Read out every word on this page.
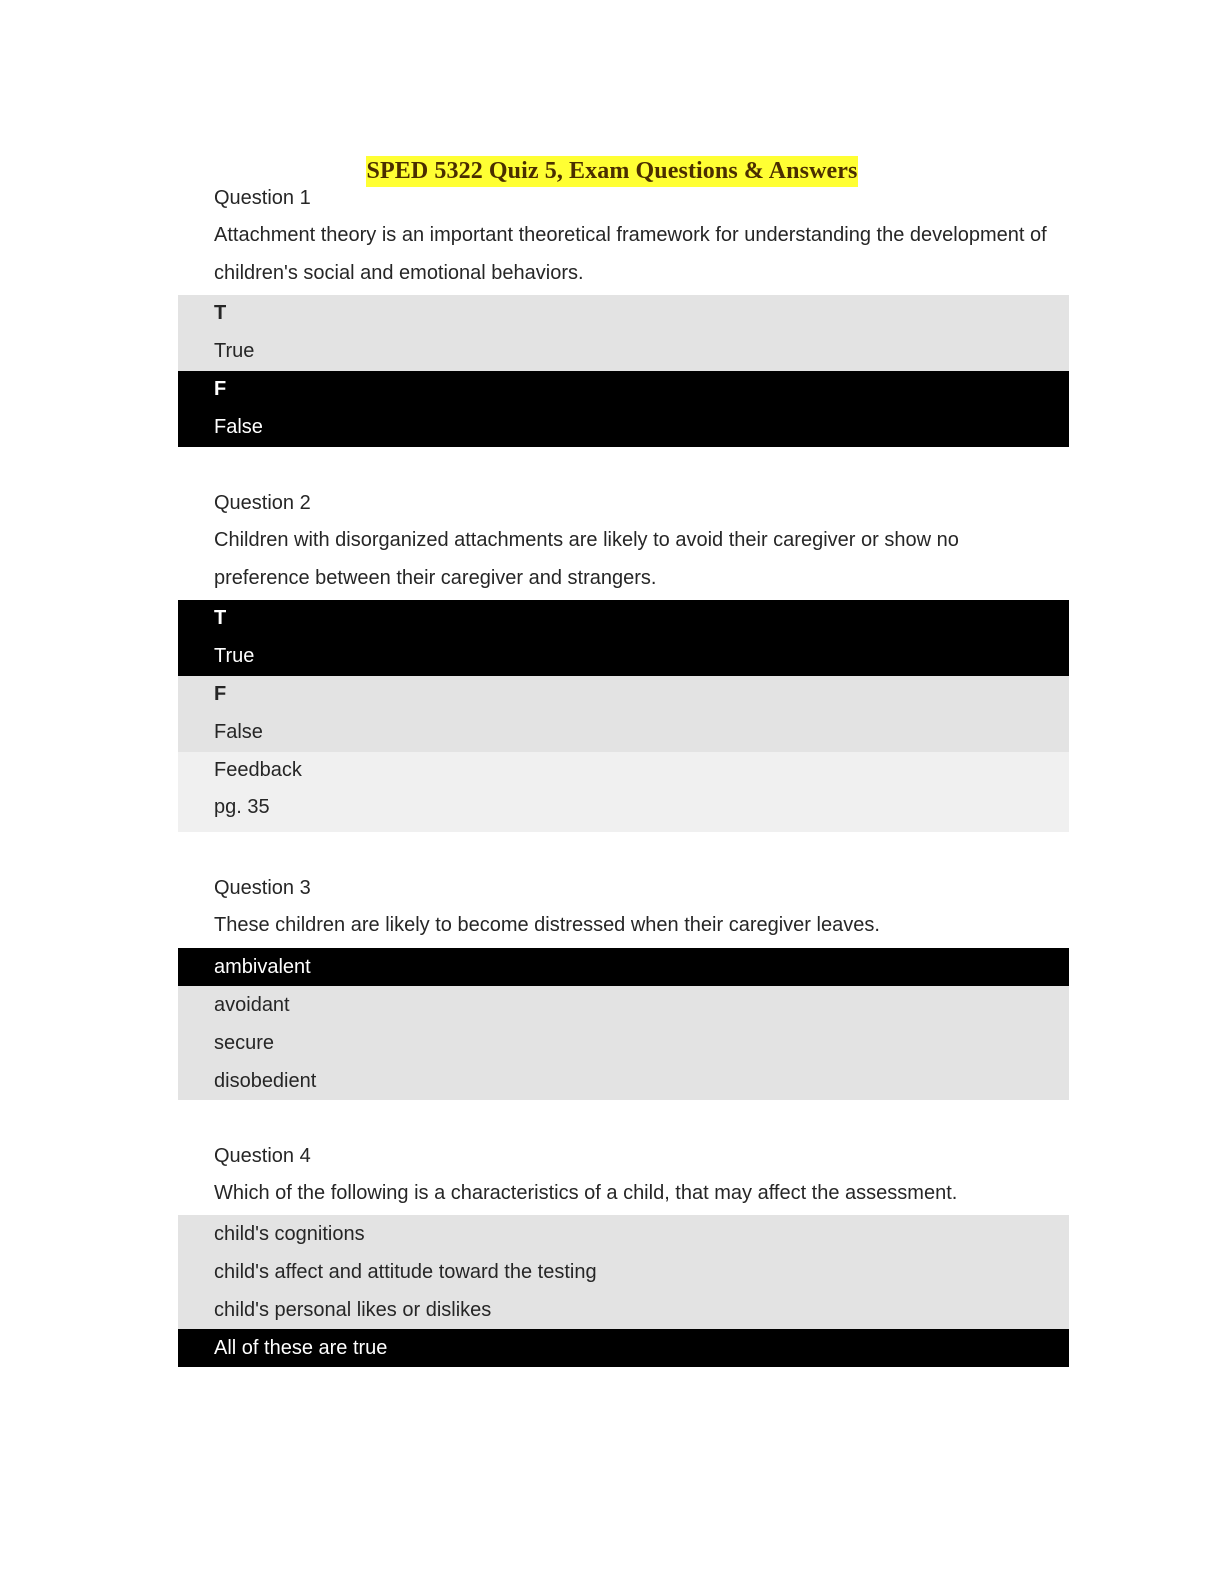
SPED 5322 Quiz 5, Exam Questions & Answers
Question 1
Attachment theory is an important theoretical framework for understanding the development of children's social and emotional behaviors.
T
True
F
False
Question 2
Children with disorganized attachments are likely to avoid their caregiver or show no preference between their caregiver and strangers.
T
True
F
False
Feedback
pg. 35
Question 3
These children are likely to become distressed when their caregiver leaves.
ambivalent
avoidant
secure
disobedient
Question 4
Which of the following is a characteristics of a child, that may affect the assessment.
child's cognitions
child's affect and attitude toward the testing
child's personal likes or dislikes
All of these are true
